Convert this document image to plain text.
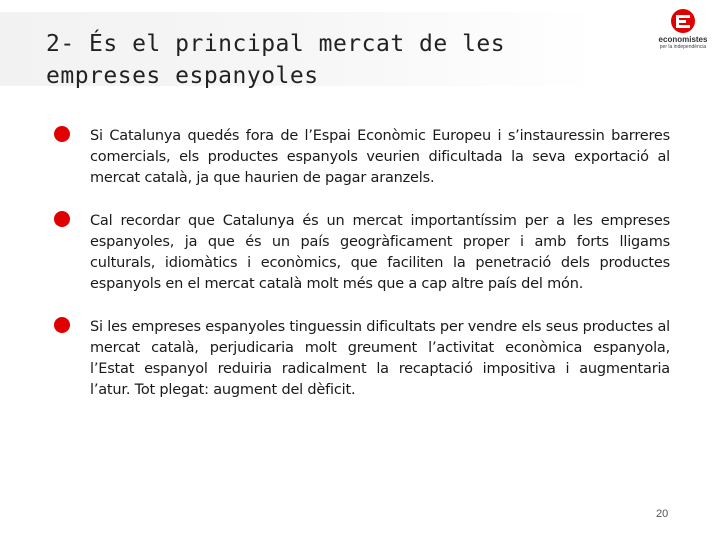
2- És el principal mercat de les
empreses espanyoles
economistes
per la independència
Si Catalunya quedés fora de l’Espai Econòmic Europeu i s’instauressin barreres comercials, els productes espanyols veurien dificultada la seva exportació al mercat català, ja que haurien de pagar aranzels.
Cal recordar que Catalunya és un mercat importantíssim per a les empreses espanyoles, ja que és un país geogràficament proper i amb forts lligams culturals, idiomàtics i econòmics, que faciliten la penetració dels productes espanyols en el mercat català molt més que a cap altre país del món.
Si les empreses espanyoles tinguessin dificultats per vendre els seus productes al mercat català, perjudicaria molt greument l’activitat econòmica espanyola, l’Estat espanyol reduiria radicalment la recaptació impositiva i augmentaria l’atur. Tot plegat: augment del dèficit.
20
